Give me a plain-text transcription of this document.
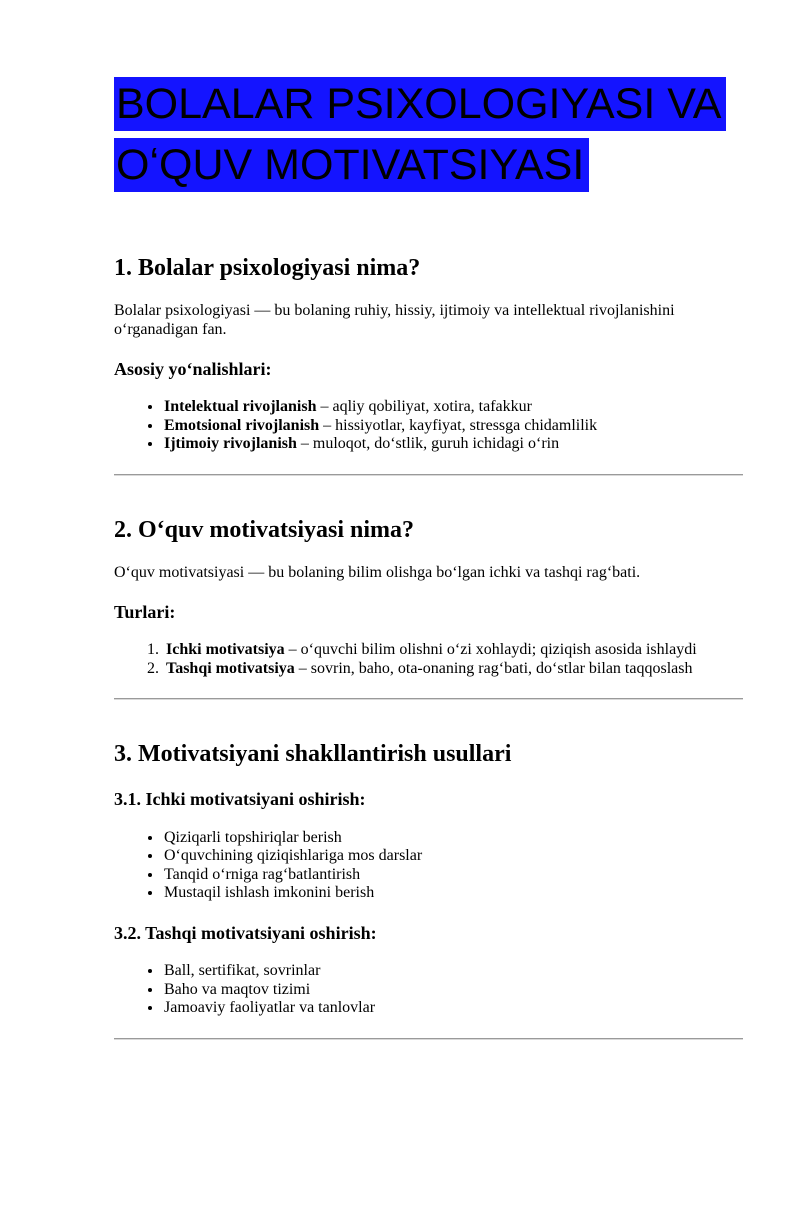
BOLALAR PSIXOLOGIYASI VA
OʻQUV MOTIVATSIYASI
1. Bolalar psixologiyasi nima?

Bolalar psixologiyasi — bu bolaning ruhiy, hissiy, ijtimoiy va intellektual rivojlanishini oʻrganadigan fan.

Asosiy yoʻnalishlari:
• Intelektual rivojlanish – aqliy qobiliyat, xotira, tafakkur
• Emotsional rivojlanish – hissiyotlar, kayfiyat, stressga chidamlilik
• Ijtimoiy rivojlanish – muloqot, doʻstlik, guruh ichidagi oʻrin
2. Oʻquv motivatsiyasi nima?

Oʻquv motivatsiyasi — bu bolaning bilim olishga boʻlgan ichki va tashqi ragʻbati.

Turlari:
1. Ichki motivatsiya – oʻquvchi bilim olishni oʻzi xohlaydi; qiziqish asosida ishlaydi
2. Tashqi motivatsiya – sovrin, baho, ota-onaning ragʻbati, doʻstlar bilan taqqoslash
3. Motivatsiyani shakllantirish usullari
3.1. Ichki motivatsiyani oshirish:
• Qiziqarli topshiriqlar berish
• Oʻquvchining qiziqishlariga mos darslar
• Tanqid oʻrniga ragʻbatlantirish
• Mustaqil ishlash imkonini berish
3.2. Tashqi motivatsiyani oshirish:
• Ball, sertifikat, sovrinlar
• Baho va maqtov tizimi
• Jamoaviy faoliyatlar va tanlovlar
